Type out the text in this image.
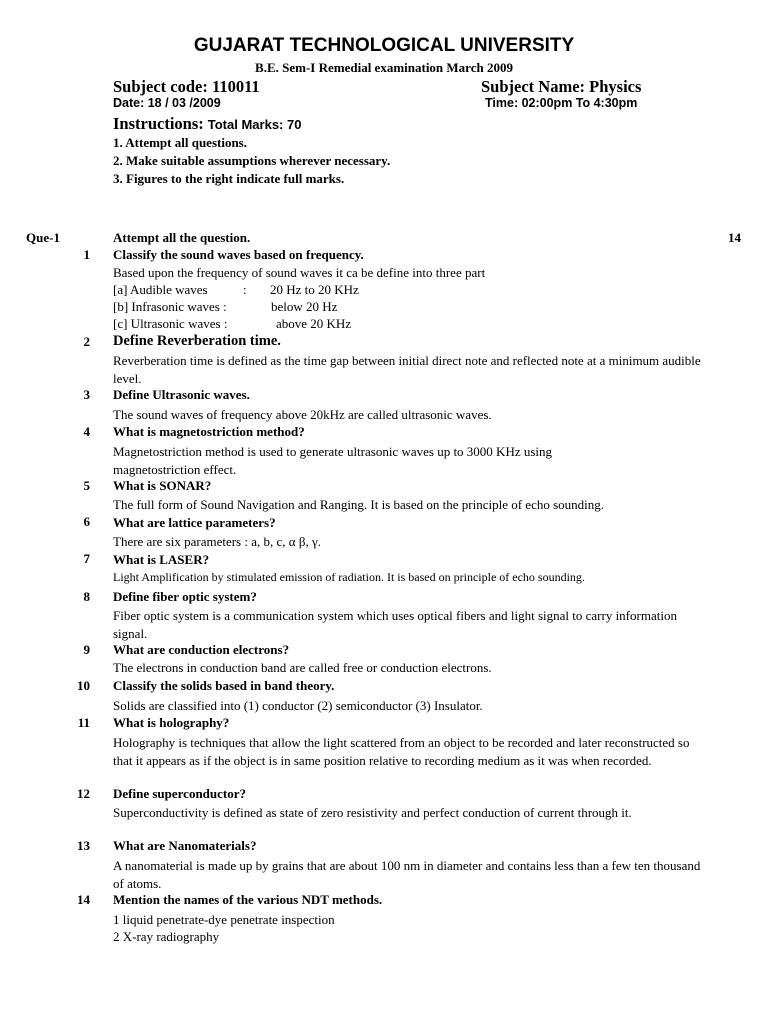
GUJARAT TECHNOLOGICAL UNIVERSITY
B.E. Sem-I Remedial examination March 2009
Subject code: 110011	Subject Name: Physics
Date: 18 / 03 /2009	Time: 02:00pm To 4:30pm
Instructions: Total Marks: 70
1. Attempt all questions.
2. Make suitable assumptions wherever necessary.
3. Figures to the right indicate full marks.
Que-1	Attempt all the question.	14
1 Classify the sound waves based on frequency.
Based upon the frequency of sound waves it ca be define into three part
[a] Audible waves	: 20 Hz to 20 KHz
[b] Infrasonic waves :	below 20 Hz
[c] Ultrasonic waves :	above 20 KHz
2 Define Reverberation time.
Reverberation time is defined as the time gap between initial direct note and reflected note at a minimum audible level.
3 Define Ultrasonic waves.
The sound waves of frequency above 20kHz are called ultrasonic waves.
4 What is magnetostriction method?
Magnetostriction method is used to generate ultrasonic waves up to 3000 KHz using magnetostriction effect.
5 What is SONAR?
The full form of Sound Navigation and Ranging. It is based on the principle of echo sounding.
6 What are lattice parameters?
There are six parameters : a, b, c, α β, γ.
7 What is LASER?
Light Amplification by stimulated emission of radiation. It is based on principle of echo sounding.
8 Define fiber optic system?
Fiber optic system is a communication system which uses optical fibers and light signal to carry information signal.
9 What are conduction electrons?
The electrons in conduction band are called free or conduction electrons.
10 Classify the solids based in band theory.
Solids are classified into (1) conductor (2) semiconductor (3) Insulator.
11 What is holography?
Holography is techniques that allow the light scattered from an object to be recorded and later reconstructed so that it appears as if the object is in same position relative to recording medium as it was when recorded.
12 Define superconductor?
Superconductivity is defined as state of zero resistivity and perfect conduction of current through it.
13 What are Nanomaterials?
A nanomaterial is made up by grains that are about 100 nm in diameter and contains less than a few ten thousand of atoms.
14 Mention the names of the various NDT methods.
1 liquid penetrate-dye penetrate inspection
2 X-ray radiography
